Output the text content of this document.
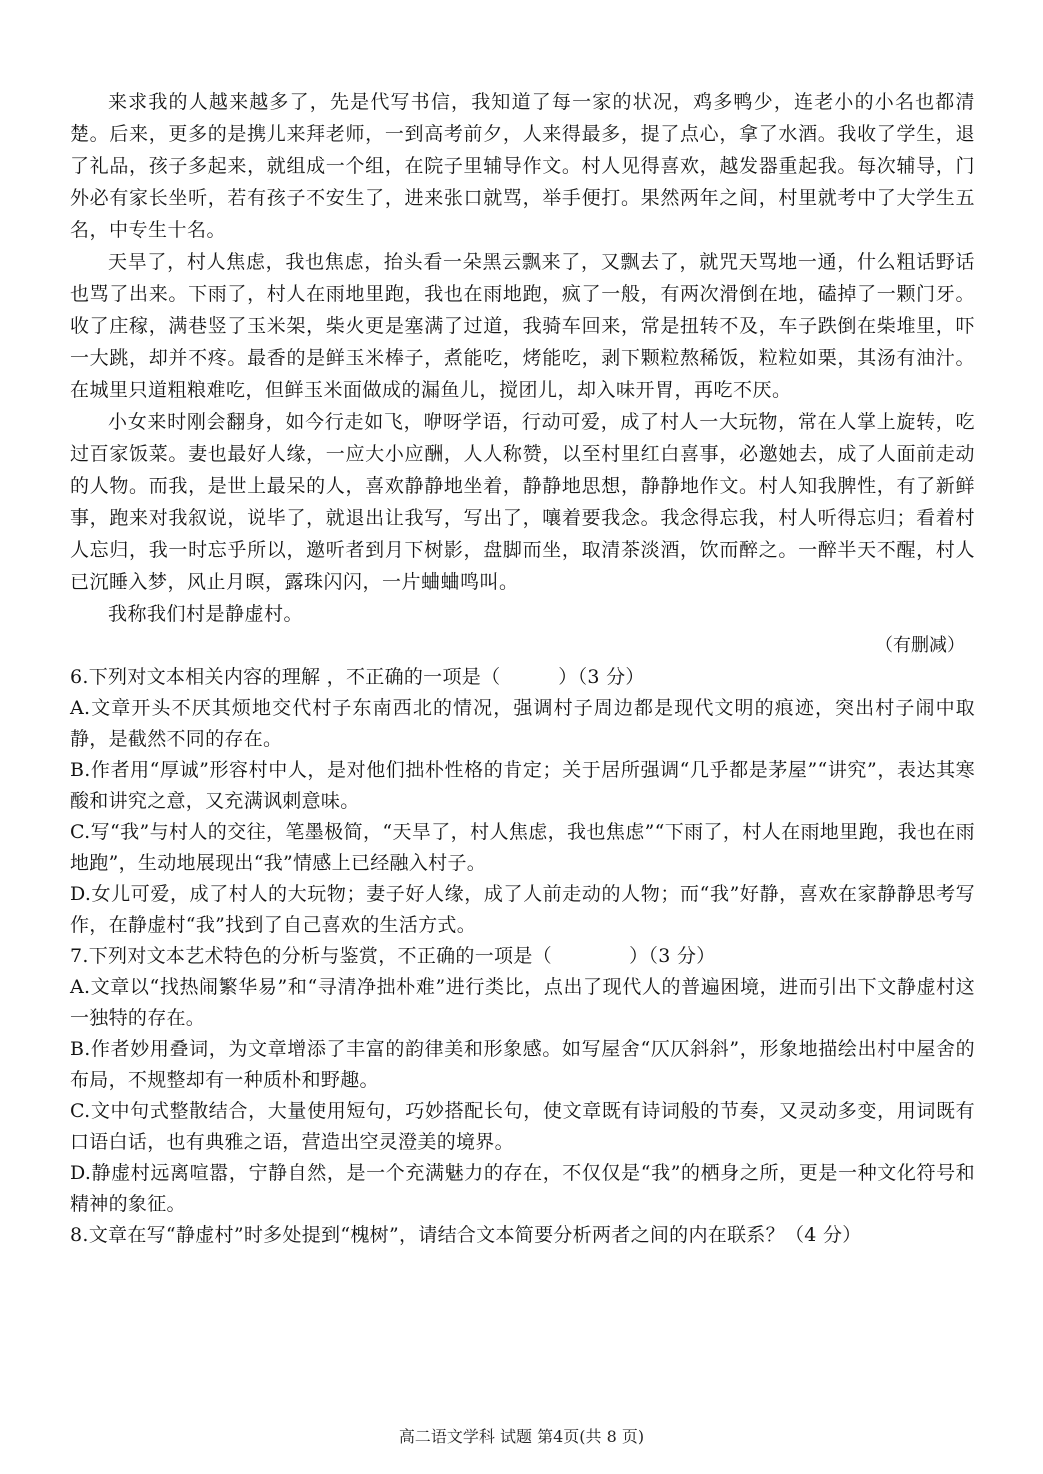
来求我的人越来越多了，先是代写书信，我知道了每一家的状况，鸡多鸭少，连老小的小名也都清楚。后来，更多的是携儿来拜老师，一到高考前夕，人来得最多，提了点心，拿了水酒。我收了学生，退了礼品，孩子多起来，就组成一个组，在院子里辅导作文。村人见得喜欢，越发器重起我。每次辅导，门外必有家长坐听，若有孩子不安生了，进来张口就骂，举手便打。果然两年之间，村里就考中了大学生五名，中专生十名。

天旱了，村人焦虑，我也焦虑，抬头看一朵黑云飘来了，又飘去了，就咒天骂地一通，什么粗话野话也骂了出来。下雨了，村人在雨地里跑，我也在雨地跑，疯了一般，有两次滑倒在地，磕掉了一颗门牙。收了庄稼，满巷竖了玉米架，柴火更是塞满了过道，我骑车回来，常是扭转不及，车子跌倒在柴堆里，吓一大跳，却并不疼。最香的是鲜玉米棒子，煮能吃，烤能吃，剥下颗粒熬稀饭，粒粒如栗，其汤有油汁。在城里只道粗粮难吃，但鲜玉米面做成的漏鱼儿，搅团儿，却入味开胃，再吃不厌。

小女来时刚会翻身，如今行走如飞，咿呀学语，行动可爱，成了村人一大玩物，常在人掌上旋转，吃过百家饭菜。妻也最好人缘，一应大小应酬，人人称赞，以至村里红白喜事，必邀她去，成了人面前走动的人物。而我，是世上最呆的人，喜欢静静地坐着，静静地思想，静静地作文。村人知我脾性，有了新鲜事，跑来对我叙说，说毕了，就退出让我写，写出了，嚷着要我念。我念得忘我，村人听得忘归；看着村人忘归，我一时忘乎所以，邀听者到月下树影，盘脚而坐，取清茶淡酒，饮而醉之。一醉半天不醒，村人已沉睡入梦，风止月暝，露珠闪闪，一片蛐蛐鸣叫。

我称我们村是静虚村。

（有删减）

6.下列对文本相关内容的理解 ，不正确的一项是（　　　）（3 分）

A.文章开头不厌其烦地交代村子东南西北的情况，强调村子周边都是现代文明的痕迹，突出村子闹中取静，是截然不同的存在。

B.作者用“厚诚”形容村中人，是对他们拙朴性格的肯定；关于居所强调“几乎都是茅屋”“讲究”，表达其寒酸和讲究之意，又充满讽刺意味。

C.写“我”与村人的交往，笔墨极简，“天旱了，村人焦虑，我也焦虑”“下雨了，村人在雨地里跑，我也在雨地跑”，生动地展现出“我”情感上已经融入村子。

D.女儿可爱，成了村人的大玩物；妻子好人缘，成了人前走动的人物；而“我”好静，喜欢在家静静思考写作，在静虚村“我”找到了自己喜欢的生活方式。

7.下列对文本艺术特色的分析与鉴赏，不正确的一项是（　　　　）（3 分）

A.文章以“找热闹繁华易”和“寻清净拙朴难”进行类比，点出了现代人的普遍困境，进而引出下文静虚村这一独特的存在。

B.作者妙用叠词，为文章增添了丰富的韵律美和形象感。如写屋舍“仄仄斜斜”，形象地描绘出村中屋舍的布局，不规整却有一种质朴和野趣。

C.文中句式整散结合，大量使用短句，巧妙搭配长句，使文章既有诗词般的节奏，又灵动多变，用词既有口语白话，也有典雅之语，营造出空灵澄美的境界。

D.静虚村远离喧嚣，宁静自然，是一个充满魅力的存在，不仅仅是“我”的栖身之所，更是一种文化符号和精神的象征。

8.文章在写“静虚村”时多处提到“槐树”，请结合文本简要分析两者之间的内在联系？（4 分）

高二语文学科 试题 第4页(共 8 页)
